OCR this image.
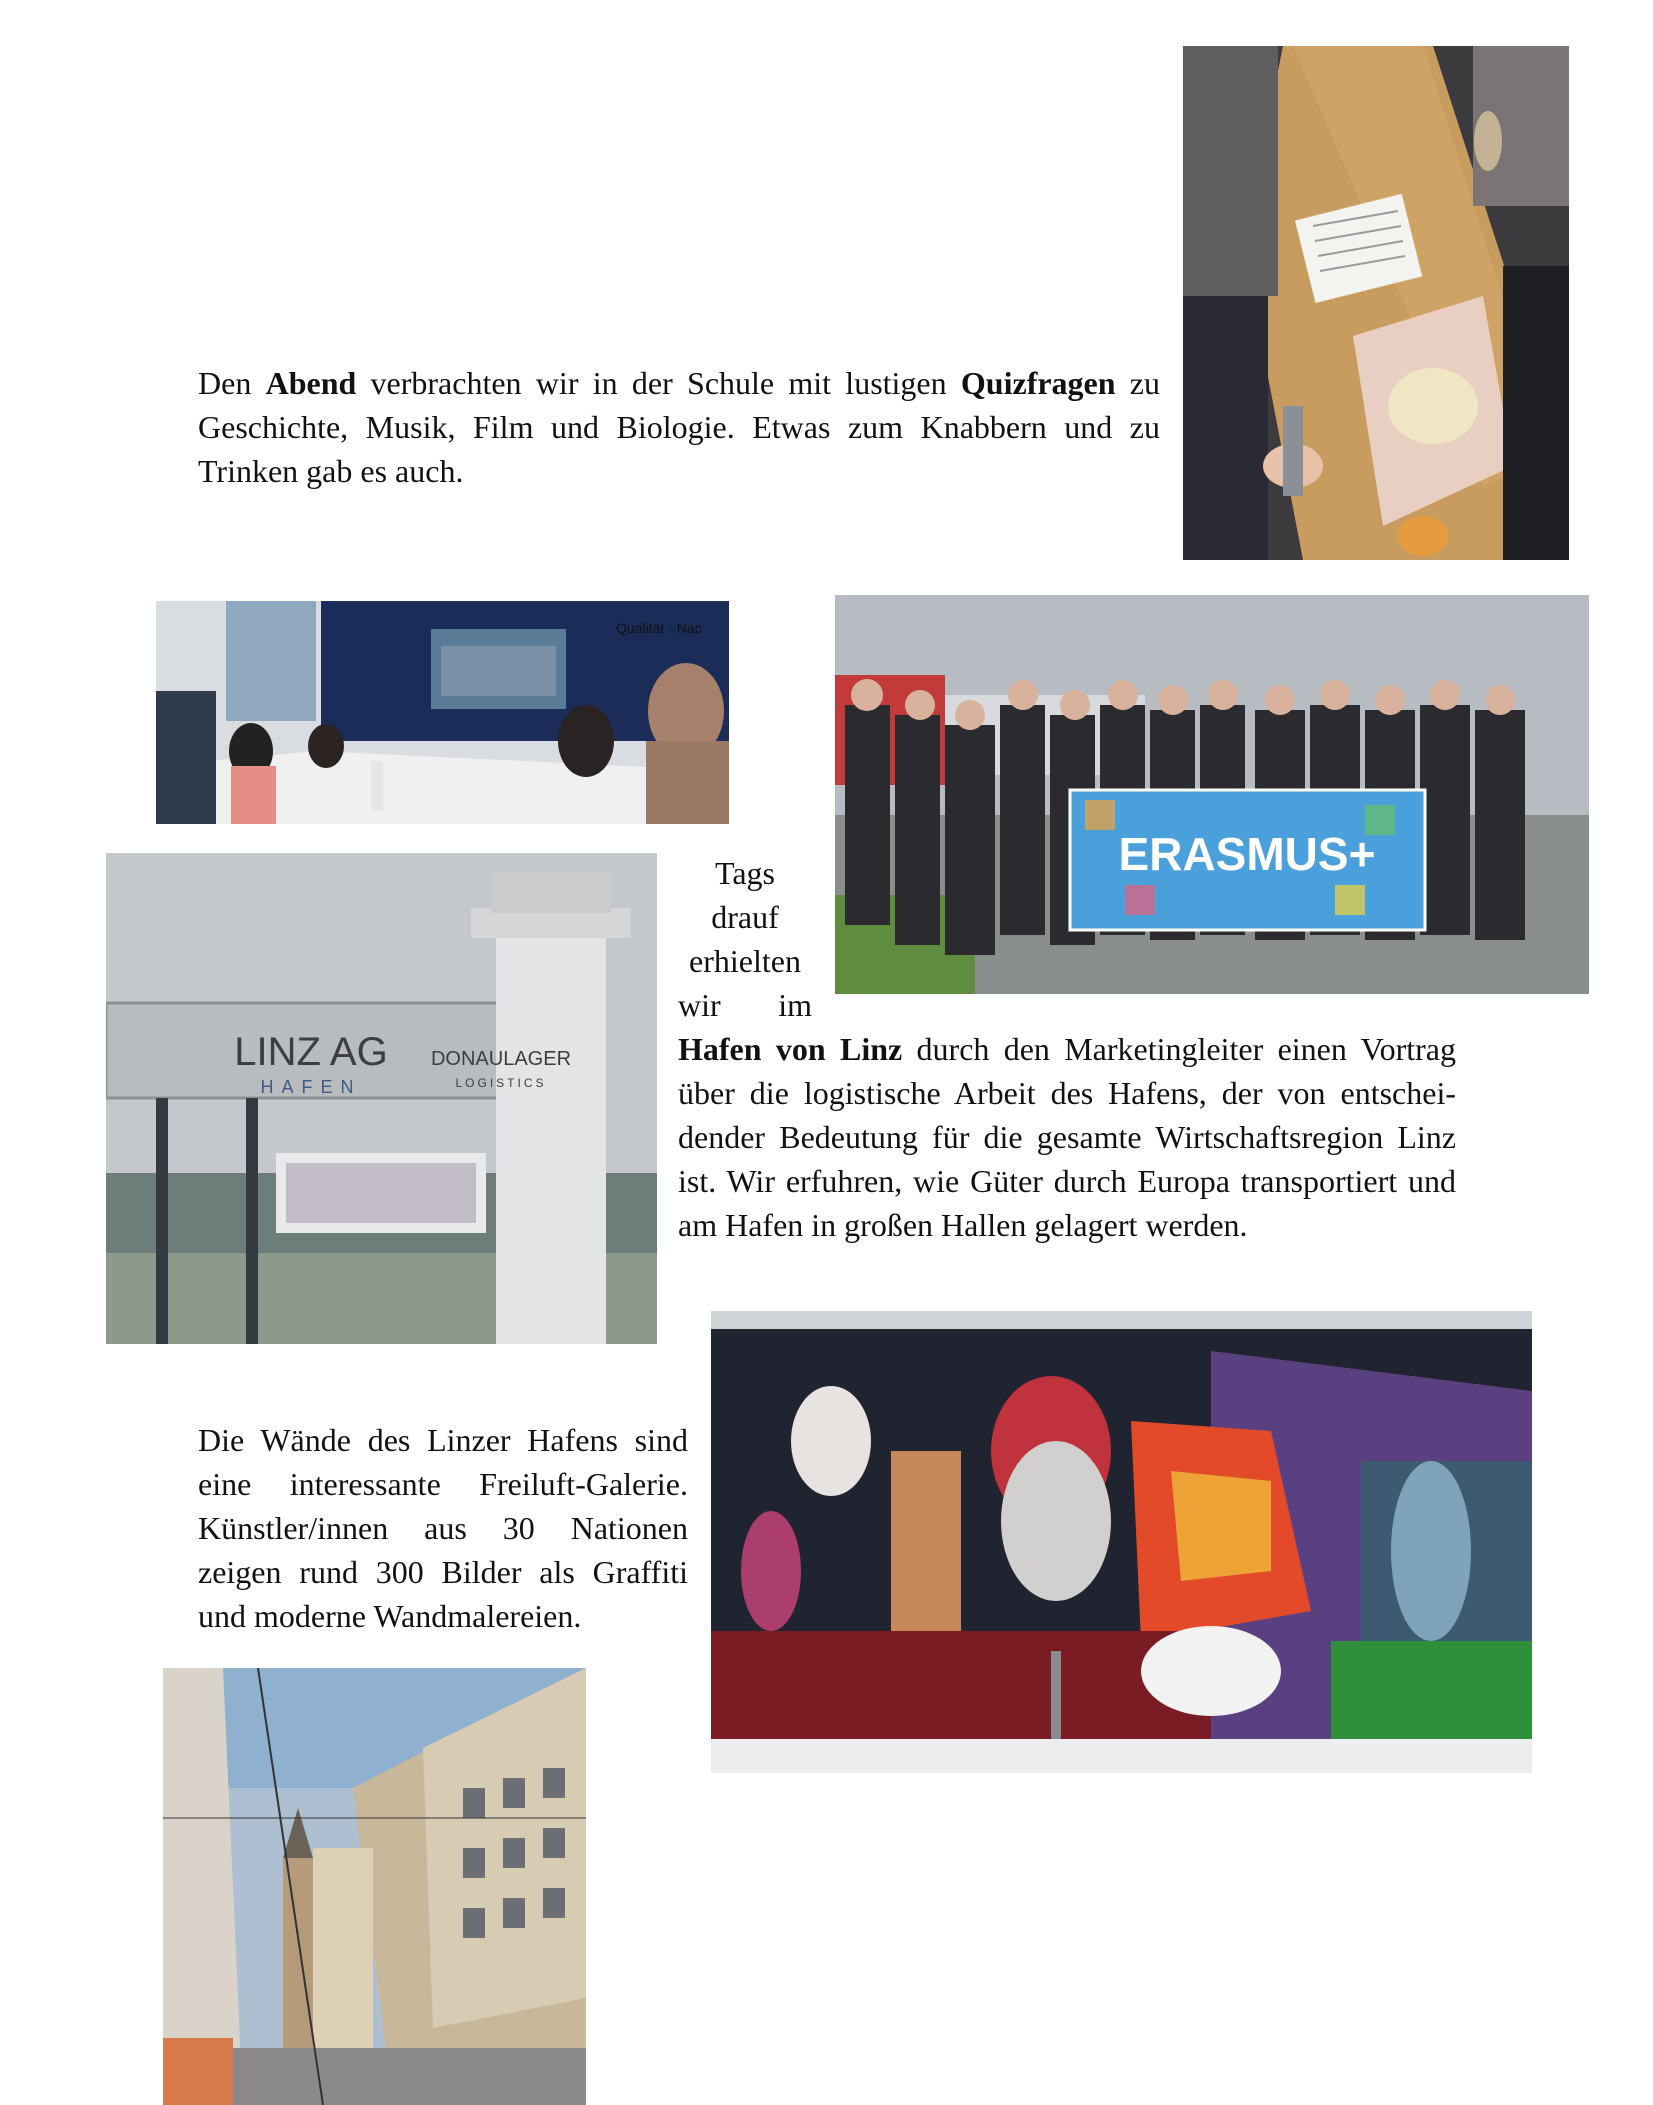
Den Abend verbrachten wir in der Schule mit lustigen Quizfragen zu Geschichte, Musik, Film und Biologie. Etwas zum Knabbern und zu Trinken gab es auch.

Qualität · Nac
ERASMUS+
LINZ AG
HAFEN
DONAULAGER
LOGISTICS
Tags
drauf
erhielten
wir im

Hafen von Linz durch den Marketingleiter einen Vortrag über die logistische Arbeit des Hafens, der von entschei-dender Bedeutung für die gesamte Wirtschaftsregion Linz ist. Wir erfuhren, wie Güter durch Europa transportiert und am Hafen in großen Hallen gelagert werden.

Die Wände des Linzer Hafens sind eine interessante Freiluft-Galerie. Künstler/innen aus 30 Nationen zeigen rund 300 Bilder als Graffiti und moderne Wandmalereien.
